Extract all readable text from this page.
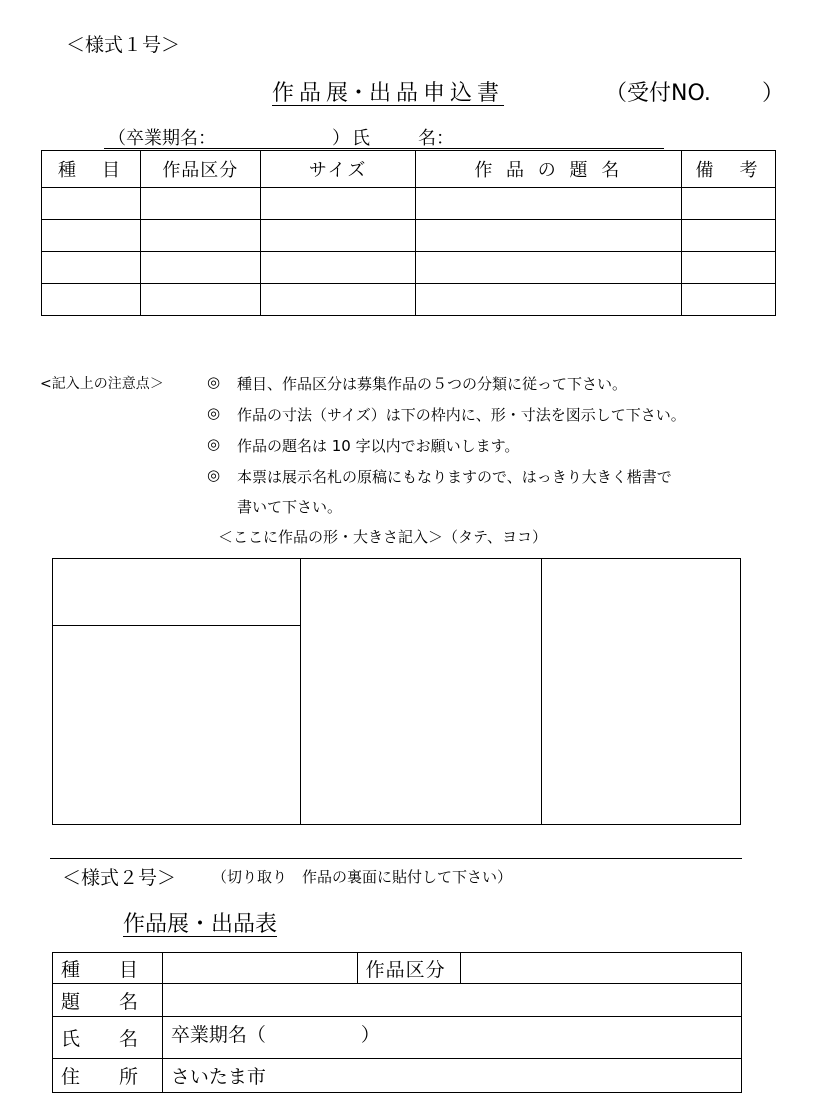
＜様式１号＞
作品展･出品申込書	（受付NO. ）
（卒業期名：	） 氏	名：
種　目	作品区分	サイズ	作 品 の 題 名	備　考

<記入上の注意点＞	◎ 種目、作品区分は募集作品の５つの分類に従って下さい。
◎ 作品の寸法（サイズ）は下の枠内に、形・寸法を図示して下さい。
◎ 作品の題名は 10 字以内でお願いします。
◎ 本票は展示名札の原稿にもなりますので、はっきり大きく楷書で
書いて下さい。
＜ここに作品の形・大きさ記入＞（タテ、ヨコ）
＜様式２号＞ （切り取り　作品の裏面に貼付して下さい）
作品展・出品表
種　目		作品区分	
題　名			
氏　名	卒業期名（　　　　　）		
住　所	さいたま市		
